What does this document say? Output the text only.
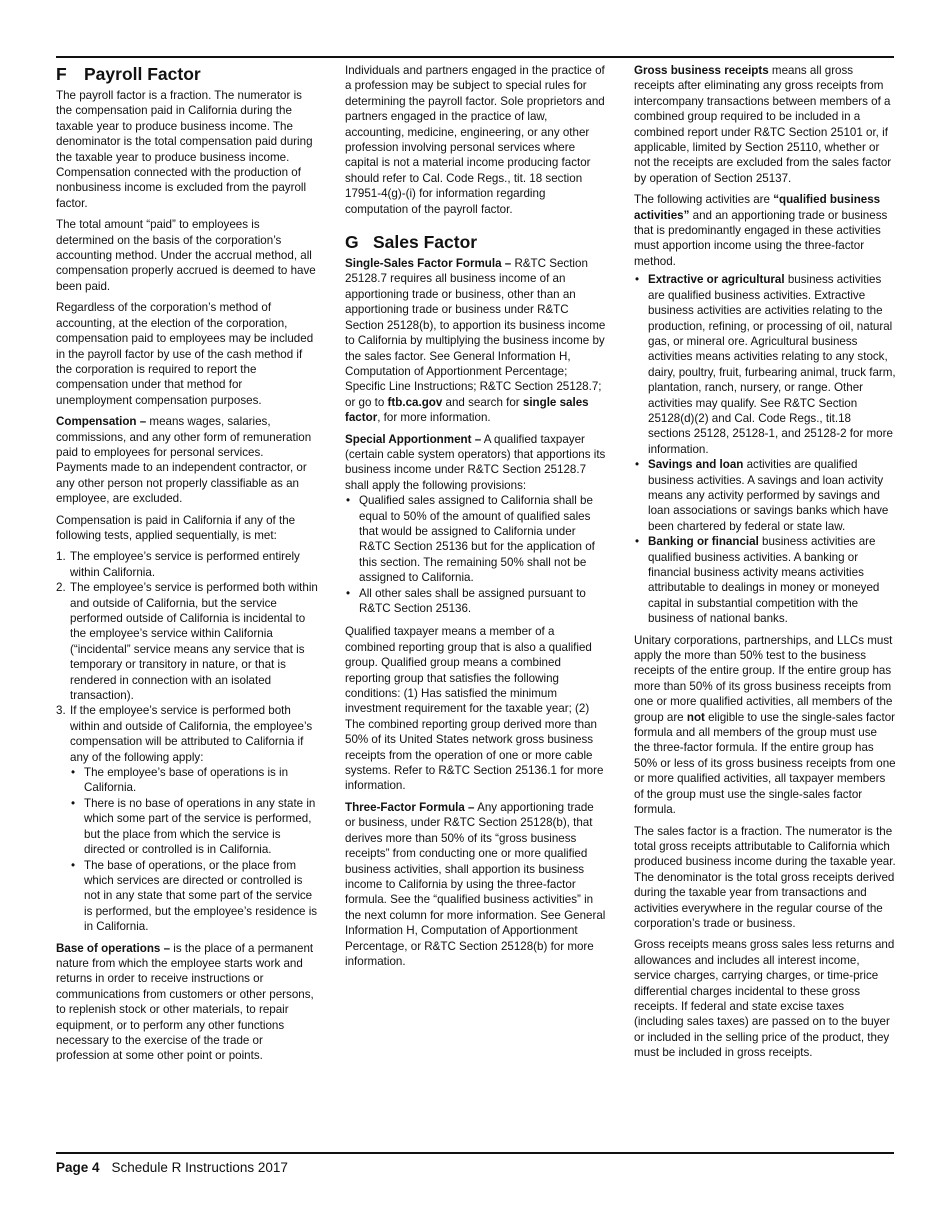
F Payroll Factor

The payroll factor is a fraction. The numerator is the compensation paid in California during the taxable year to produce business income. The denominator is the total compensation paid during the taxable year to produce business income. Compensation connected with the production of nonbusiness income is excluded from the payroll factor.

The total amount “paid” to employees is determined on the basis of the corporation’s accounting method. Under the accrual method, all compensation properly accrued is deemed to have been paid.

Regardless of the corporation’s method of accounting, at the election of the corporation, compensation paid to employees may be included in the payroll factor by use of the cash method if the corporation is required to report the compensation under that method for unemployment compensation purposes.

Compensation – means wages, salaries, commissions, and any other form of remuneration paid to employees for personal services. Payments made to an independent contractor, or any other person not properly classifiable as an employee, are excluded.

Compensation is paid in California if any of the following tests, applied sequentially, is met:

1. The employee’s service is performed entirely within California.
2. The employee’s service is performed both within and outside of California, but the service performed outside of California is incidental to the employee’s service within California (“incidental” service means any service that is temporary or transitory in nature, or that is rendered in connection with an isolated transaction).
3. If the employee’s service is performed both within and outside of California, the employee’s compensation will be attributed to California if any of the following apply:
• The employee’s base of operations is in California.
• There is no base of operations in any state in which some part of the service is performed, but the place from which the service is directed or controlled is in California.
• The base of operations, or the place from which services are directed or controlled is not in any state that some part of the service is performed, but the employee’s residence is in California.

Base of operations – is the place of a permanent nature from which the employee starts work and returns in order to receive instructions or communications from customers or other persons, to replenish stock or other materials, to repair equipment, or to perform any other functions necessary to the exercise of the trade or profession at some other point or points.

Individuals and partners engaged in the practice of a profession may be subject to special rules for determining the payroll factor. Sole proprietors and partners engaged in the practice of law, accounting, medicine, engineering, or any other profession involving personal services where capital is not a material income producing factor should refer to Cal. Code Regs., tit. 18 section 17951-4(g)-(i) for information regarding computation of the payroll factor.

G Sales Factor

Single-Sales Factor Formula – R&TC Section 25128.7 requires all business income of an apportioning trade or business, other than an apportioning trade or business under R&TC Section 25128(b), to apportion its business income to California by multiplying the business income by the sales factor. See General Information H, Computation of Apportionment Percentage; Specific Line Instructions; R&TC Section 25128.7; or go to ftb.ca.gov and search for single sales factor, for more information.

Special Apportionment – A qualified taxpayer (certain cable system operators) that apportions its business income under R&TC Section 25128.7 shall apply the following provisions:

• Qualified sales assigned to California shall be equal to 50% of the amount of qualified sales that would be assigned to California under R&TC Section 25136 but for the application of this section. The remaining 50% shall not be assigned to California.
• All other sales shall be assigned pursuant to R&TC Section 25136.

Qualified taxpayer means a member of a combined reporting group that is also a qualified group. Qualified group means a combined reporting group that satisfies the following conditions: (1) Has satisfied the minimum investment requirement for the taxable year; (2) The combined reporting group derived more than 50% of its United States network gross business receipts from the operation of one or more cable systems. Refer to R&TC Section 25136.1 for more information.

Three-Factor Formula – Any apportioning trade or business, under R&TC Section 25128(b), that derives more than 50% of its “gross business receipts” from conducting one or more qualified business activities, shall apportion its business income to California by using the three-factor formula. See the “qualified business activities” in the next column for more information. See General Information H, Computation of Apportionment Percentage, or R&TC Section 25128(b) for more information.

Gross business receipts means all gross receipts after eliminating any gross receipts from intercompany transactions between members of a combined group required to be included in a combined report under R&TC Section 25101 or, if applicable, limited by Section 25110, whether or not the receipts are excluded from the sales factor by operation of Section 25137.

The following activities are “qualified business activities” and an apportioning trade or business that is predominantly engaged in these activities must apportion income using the three-factor method.

• Extractive or agricultural business activities are qualified business activities. Extractive business activities are activities relating to the production, refining, or processing of oil, natural gas, or mineral ore. Agricultural business activities means activities relating to any stock, dairy, poultry, fruit, furbearing animal, truck farm, plantation, ranch, nursery, or range. Other activities may qualify. See R&TC Section 25128(d)(2) and Cal. Code Regs., tit.18 sections 25128, 25128-1, and 25128-2 for more information.
• Savings and loan activities are qualified business activities. A savings and loan activity means any activity performed by savings and loan associations or savings banks which have been chartered by federal or state law.
• Banking or financial business activities are qualified business activities. A banking or financial business activity means activities attributable to dealings in money or moneyed capital in substantial competition with the business of national banks.

Unitary corporations, partnerships, and LLCs must apply the more than 50% test to the business receipts of the entire group. If the entire group has more than 50% of its gross business receipts from one or more qualified activities, all members of the group are not eligible to use the single-sales factor formula and all members of the group must use the three-factor formula. If the entire group has 50% or less of its gross business receipts from one or more qualified activities, all taxpayer members of the group must use the single-sales factor formula.

The sales factor is a fraction. The numerator is the total gross receipts attributable to California which produced business income during the taxable year. The denominator is the total gross receipts derived during the taxable year from transactions and activities everywhere in the regular course of the corporation’s trade or business.

Gross receipts means gross sales less returns and allowances and includes all interest income, service charges, carrying charges, or time-price differential charges incidental to these gross receipts. If federal and state excise taxes (including sales taxes) are passed on to the buyer or included in the selling price of the product, they must be included in gross receipts.

Page 4 Schedule R Instructions 2017
